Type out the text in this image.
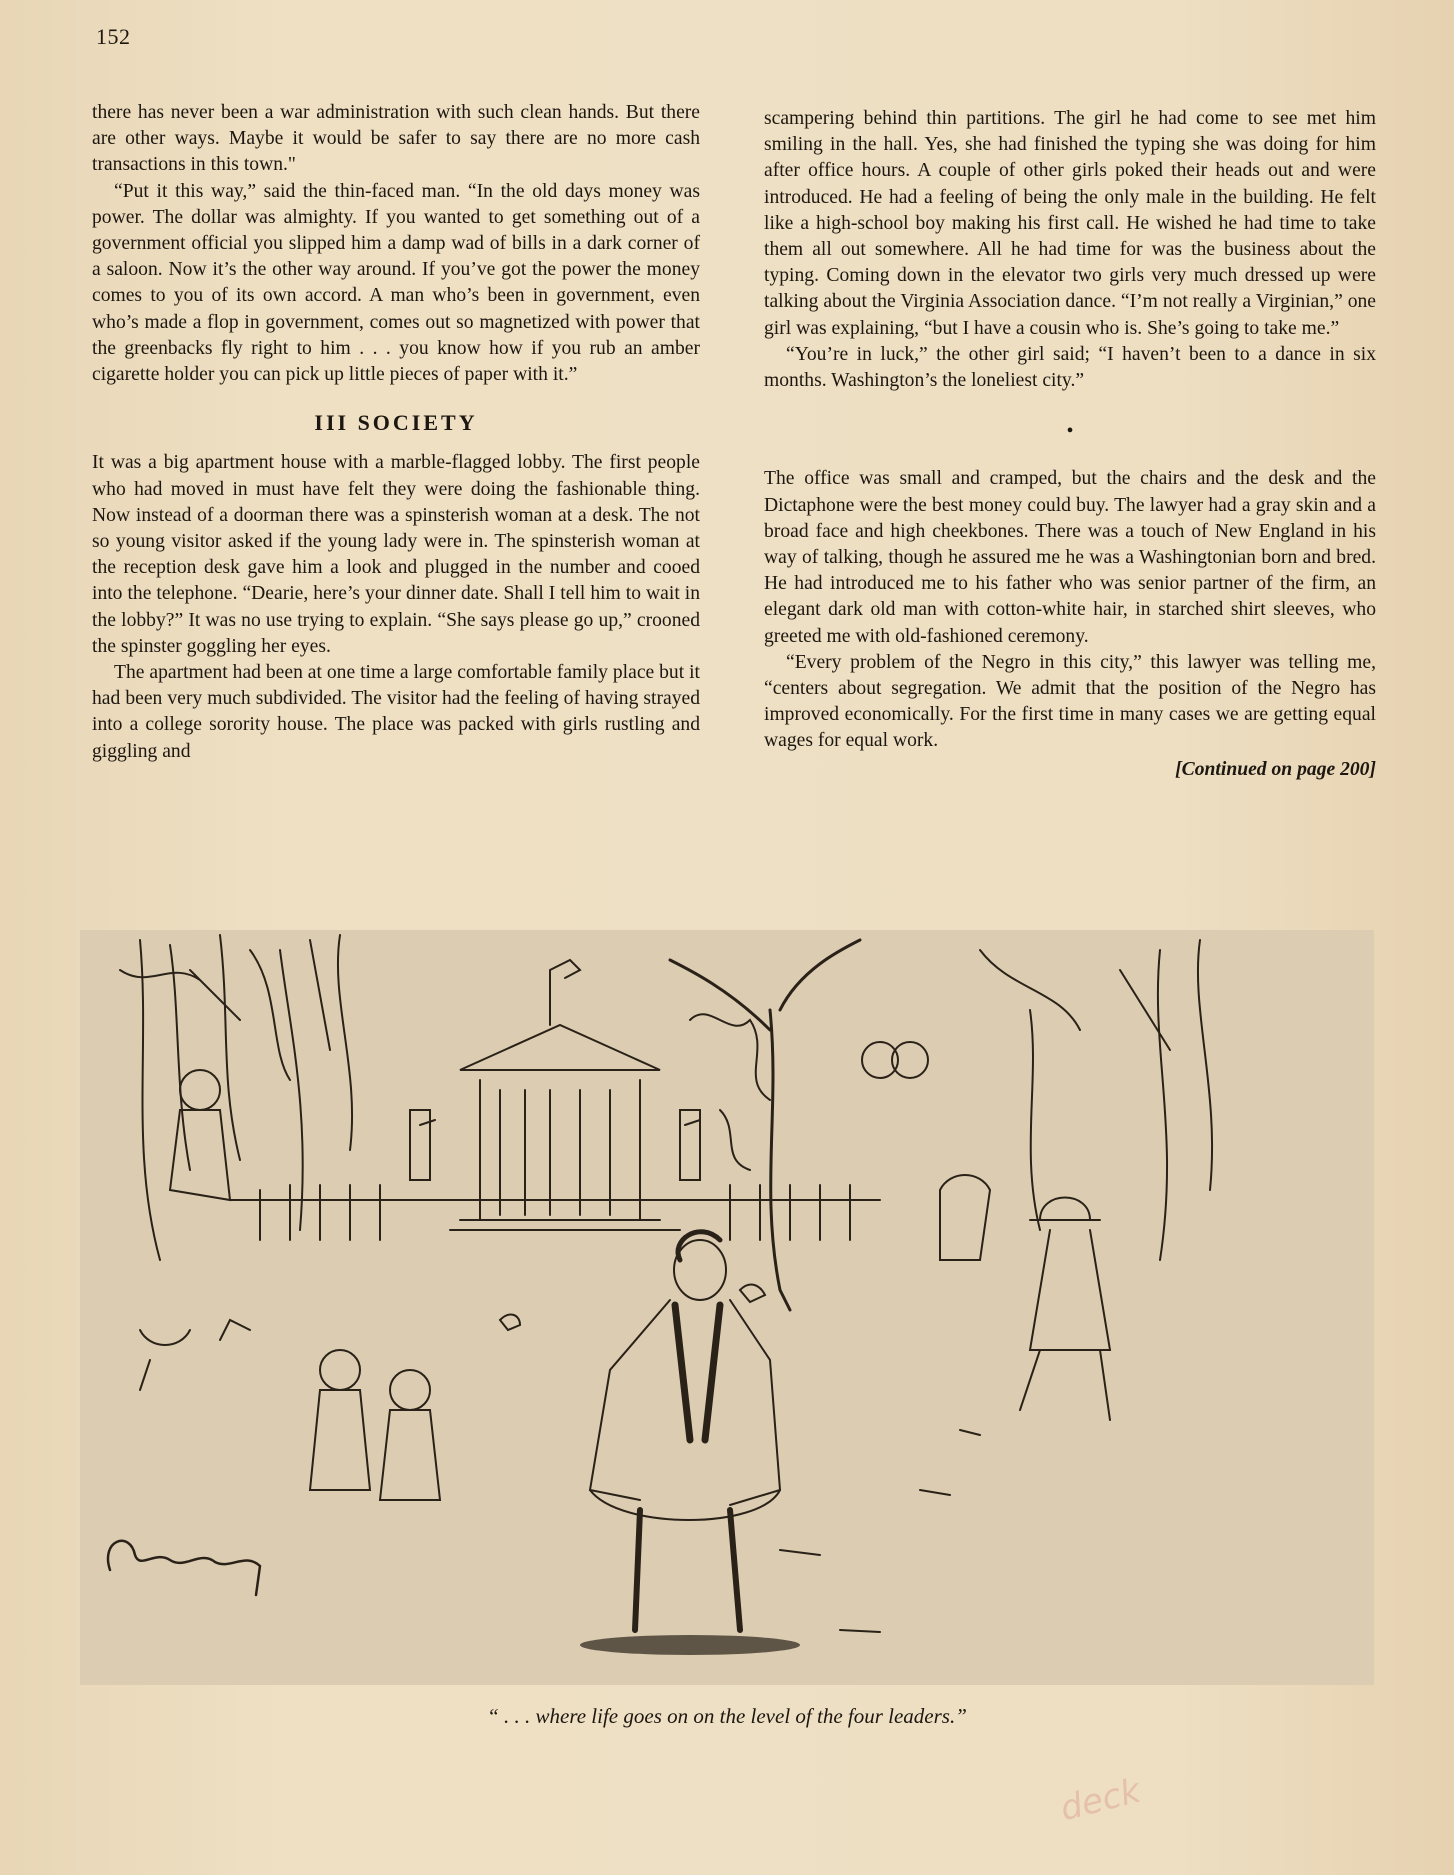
152

there has never been a war administration with such clean hands. But there are other ways. Maybe it would be safer to say there are no more cash transactions in this town."

“Put it this way,” said the thin-faced man. “In the old days money was power. The dollar was almighty. If you wanted to get something out of a government official you slipped him a damp wad of bills in a dark corner of a saloon. Now it’s the other way around. If you’ve got the power the money comes to you of its own accord. A man who’s been in government, even who’s made a flop in government, comes out so magnetized with power that the greenbacks fly right to him . . . you know how if you rub an amber cigarette holder you can pick up little pieces of paper with it.”

III SOCIETY

It was a big apartment house with a marble-flagged lobby. The first people who had moved in must have felt they were doing the fashionable thing. Now instead of a doorman there was a spinsterish woman at a desk. The not so young visitor asked if the young lady were in. The spinsterish woman at the reception desk gave him a look and plugged in the number and cooed into the telephone. “Dearie, here’s your dinner date. Shall I tell him to wait in the lobby?” It was no use trying to explain. “She says please go up,” crooned the spinster goggling her eyes.

The apartment had been at one time a large comfortable family place but it had been very much subdivided. The visitor had the feeling of having strayed into a college sorority house. The place was packed with girls rustling and giggling and

scampering behind thin partitions. The girl he had come to see met him smiling in the hall. Yes, she had finished the typing she was doing for him after office hours. A couple of other girls poked their heads out and were introduced. He had a feeling of being the only male in the building. He felt like a high-school boy making his first call. He wished he had time to take them all out somewhere. All he had time for was the business about the typing. Coming down in the elevator two girls very much dressed up were talking about the Virginia Association dance. “I’m not really a Virginian,” one girl was explaining, “but I have a cousin who is. She’s going to take me.”

“You’re in luck,” the other girl said; “I haven’t been to a dance in six months. Washington’s the loneliest city.”

•

The office was small and cramped, but the chairs and the desk and the Dictaphone were the best money could buy. The lawyer had a gray skin and a broad face and high cheekbones. There was a touch of New England in his way of talking, though he assured me he was a Washingtonian born and bred. He had introduced me to his father who was senior partner of the firm, an elegant dark old man with cotton-white hair, in starched shirt sleeves, who greeted me with old-fashioned ceremony.

“Every problem of the Negro in this city,” this lawyer was telling me, “centers about segregation. We admit that the position of the Negro has improved economically. For the first time in many cases we are getting equal wages for equal work.

[Continued on page 200]
“ . . . where life goes on on the level of the four leaders.”
deck
